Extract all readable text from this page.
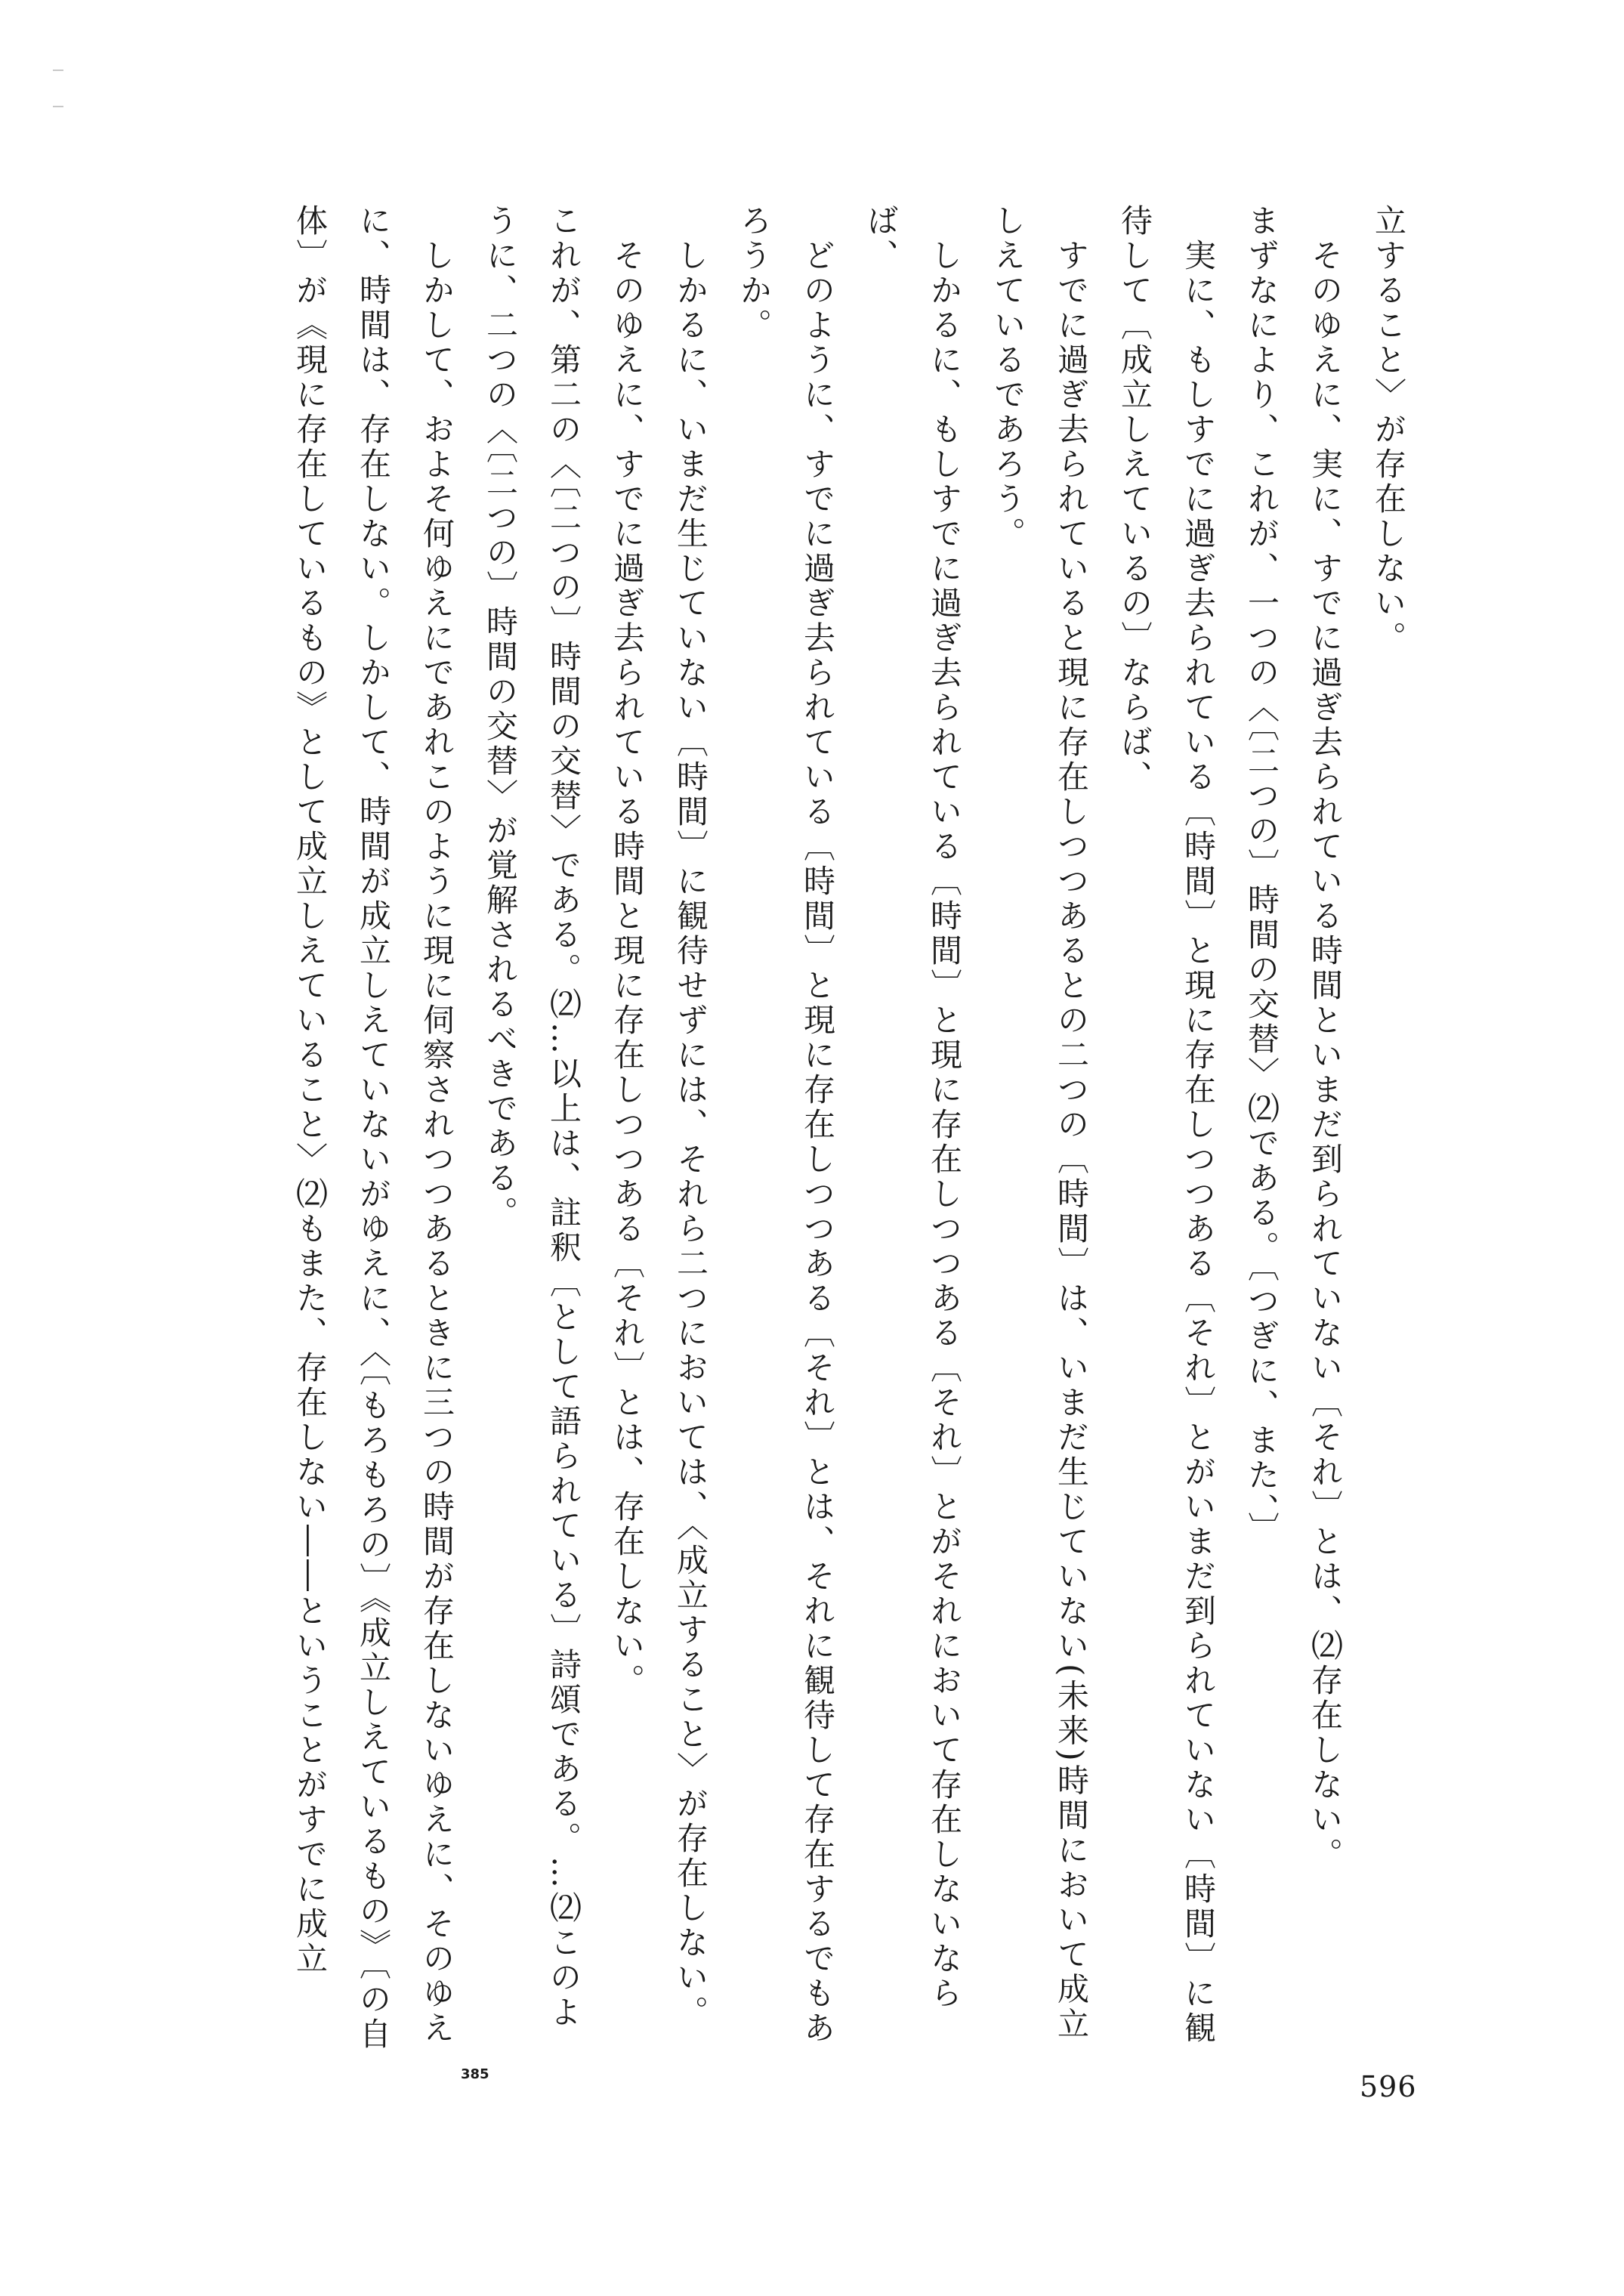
立すること〉が存在しない。

そのゆえに、実に、すでに過ぎ去られている時間といまだ到られていない〔それ〕とは、⑵存在しない。

まずなにより、これが、一つの〈〔二つの〕時間の交替〉⑵である。〔つぎに、また、〕

実に、もしすでに過ぎ去られている〔時間〕と現に存在しつつある〔それ〕とがいまだ到られていない〔時間〕に観待して〔成立しえているの〕ならば、

すでに過ぎ去られていると現に存在しつつあるとの二つの〔時間〕は、いまだ生じていない(未来)時間において成立しえているであろう。

しかるに、もしすでに過ぎ去られている〔時間〕と現に存在しつつある〔それ〕とがそれにおいて存在しないならば、

どのように、すでに過ぎ去られている〔時間〕と現に存在しつつある〔それ〕とは、それに観待して存在するでもあろうか。

しかるに、いまだ生じていない〔時間〕に観待せずには、それら二つにおいては、〈成立すること〉が存在しない。

そのゆえに、すでに過ぎ去られている時間と現に存在しつつある〔それ〕とは、存在しない。

これが、第二の〈〔二つの〕時間の交替〉である。⑵…以上は、註釈〔として語られている〕詩頌である。…⑵このように、二つの〈〔二つの〕時間の交替〉が覚解されるべきである。

しかして、およそ何ゆえにであれこのように現に伺察されつつあるときに三つの時間が存在しないゆえに、そのゆえに、時間は、存在しない。しかして、時間が成立しえていないがゆえに、〈〔もろもろの〕《成立しえているもの》〔の自体〕が《現に存在しているもの》として成立しえていること〉⑵もまた、存在しない――ということがすでに成立

385	596
